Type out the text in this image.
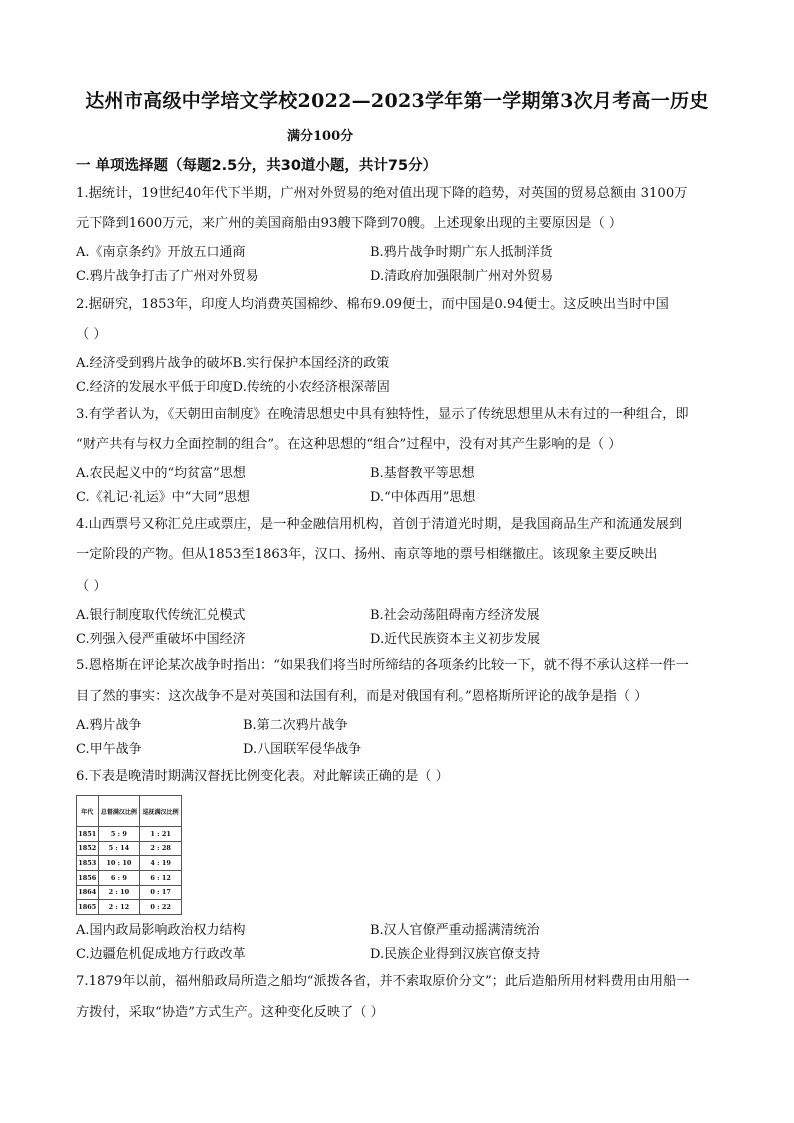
达州市高级中学培文学校2022—2023学年第一学期第3次月考高一历史
满分100分
一 单项选择题（每题2.5分，共30道小题，共计75分）
1.据统计，19世纪40年代下半期，广州对外贸易的绝对值出现下降的趋势，对英国的贸易总额由 3100万
元下降到1600万元，来广州的美国商船由93艘下降到70艘。上述现象出现的主要原因是（ ）
A.《南京条约》开放五口通商	B.鸦片战争时期广东人抵制洋货
C.鸦片战争打击了广州对外贸易	D.清政府加强限制广州对外贸易
2.据研究，1853年，印度人均消费英国棉纱、棉布9.09便士，而中国是0.94便士。这反映出当时中国
（ ）
A.经济受到鸦片战争的破坏B.实行保护本国经济的政策
C.经济的发展水平低于印度D.传统的小农经济根深蒂固
3.有学者认为，《天朝田亩制度》在晚清思想史中具有独特性，显示了传统思想里从未有过的一种组合，即
“财产共有与权力全面控制的组合”。在这种思想的“组合”过程中，没有对其产生影响的是（ ）
A.农民起义中的“均贫富”思想	B.基督教平等思想
C.《礼记·礼运》中“大同”思想	D.“中体西用”思想
4.山西票号又称汇兑庄或票庄，是一种金融信用机构，首创于清道光时期，是我国商品生产和流通发展到
一定阶段的产物。但从1853至1863年，汉口、扬州、南京等地的票号相继撤庄。该现象主要反映出
（ ）
A.银行制度取代传统汇兑模式	B.社会动荡阻碍南方经济发展
C.列强入侵严重破坏中国经济	D.近代民族资本主义初步发展
5.恩格斯在评论某次战争时指出：“如果我们将当时所缔结的各项条约比较一下，就不得不承认这样一件一
目了然的事实：这次战争不是对英国和法国有利，而是对俄国有利。”恩格斯所评论的战争是指（ ）
A.鸦片战争	B.第二次鸦片战争
C.甲午战争	D.八国联军侵华战争
6.下表是晚清时期满汉督抚比例变化表。对此解读正确的是（ ）
年代	总督满汉比例	巡抚满汉比例
1851	5 : 9	1 : 21
1852	5 : 14	2 : 28
1853	10 : 10	4 : 19
1856	6 : 9	6 : 12
1864	2 : 10	0 : 17
1865	2 : 12	0 : 22
A.国内政局影响政治权力结构	B.汉人官僚严重动摇满清统治
C.边疆危机促成地方行政改革	D.民族企业得到汉族官僚支持
7.1879年以前，福州船政局所造之船均“派拨各省，并不索取原价分文”；此后造船所用材料费用由用船一
方拨付，采取“协造”方式生产。这种变化反映了（ ）
